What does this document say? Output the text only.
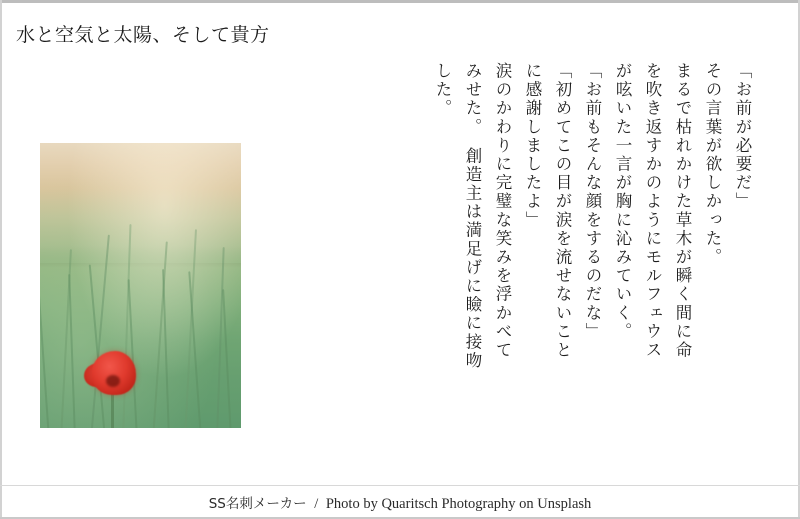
水と空気と太陽、そして貴方
「お前が必要だ」
その言葉が欲しかった。
まるで枯れかけた草木が瞬く間に命
を吹き返すかのようにモルフェウス
が呟いた一言が胸に沁みていく。
「お前もそんな顔をするのだな」
「初めてこの目が涙を流せないこと
に感謝しましたよ」
涙のかわりに完璧な笑みを浮かべて
みせた。　創造主は満足げに瞼に接吻
した。
SS名刺メーカー / Photo by Quaritsch Photography on Unsplash
